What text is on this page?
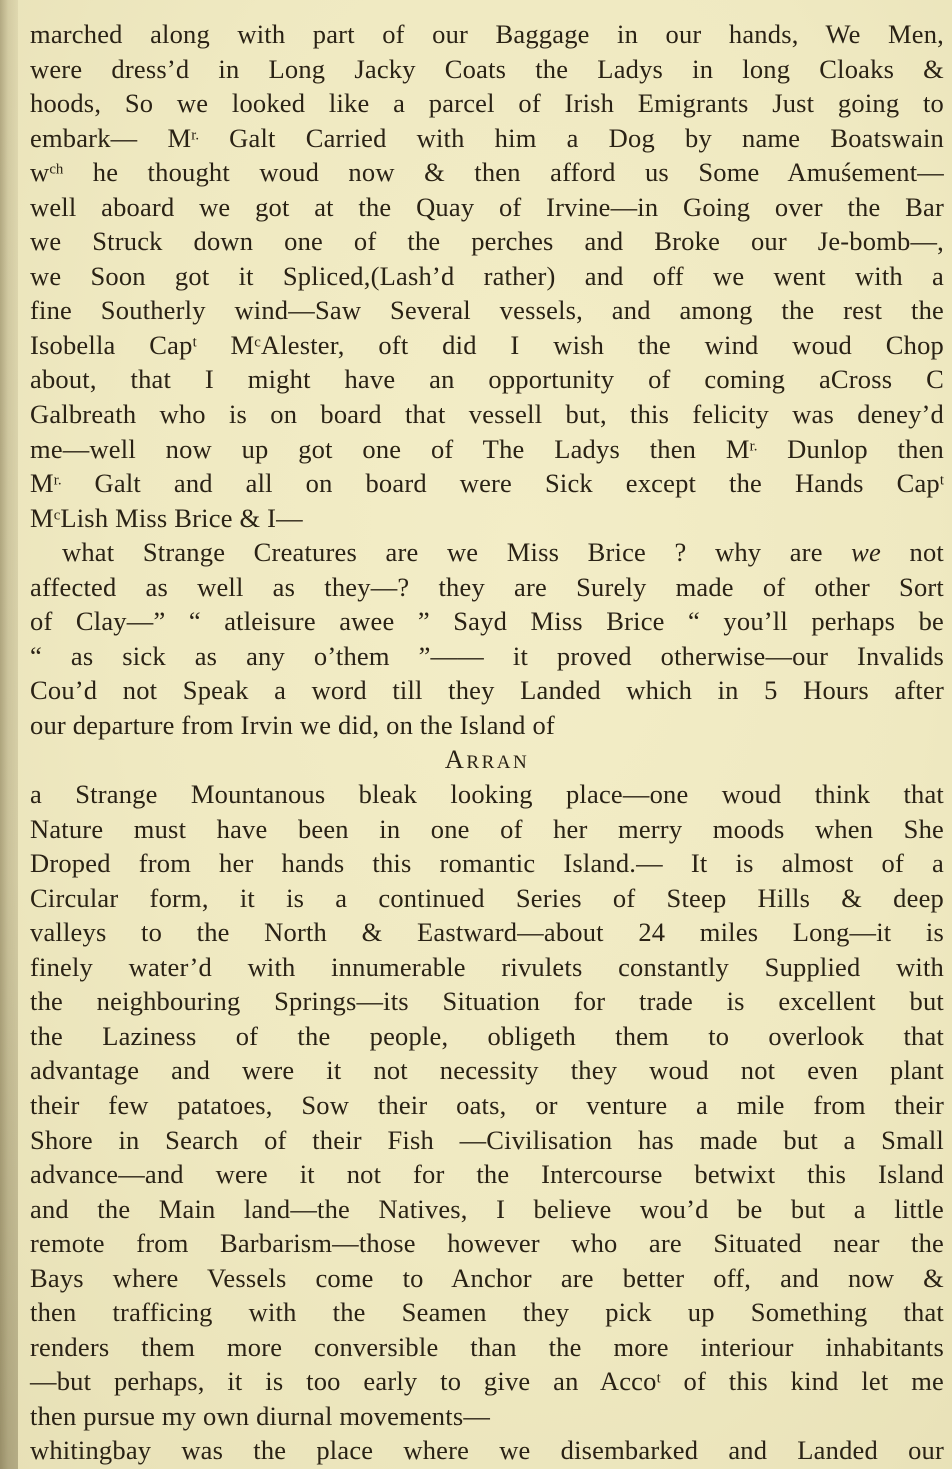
marched along with part of our Baggage in our hands, We Men,
were dress’d in Long Jacky Coats the Ladys in long Cloaks &
hoods, So we looked like a parcel of Irish Emigrants Just going to
embark— $M^{r.}$ Galt Carried with him a Dog by name Boatswain
$w^{ch}$ he thought woud now & then afford us Some Amuśement—
well aboard we got at the Quay of Irvine—in Going over the Bar
we Struck down one of the perches and Broke our Je-bomb—,
we Soon got it Spliced,(Lash’d rather) and off we went with a
fine Southerly wind—Saw Several vessels, and among the rest the
Isobella Cap$^t$ $M^cAlester$, oft did I wish the wind woud Chop
about, that I might have an opportunity of coming aCross C
Galbreath who is on board that vessell but, this felicity was deney’d
me—well now up got one of The Ladys then $M^{r.}$ Dunlop then
$M^{r.}$ Galt and all on board were Sick except the Hands Cap$^t$
$M^cLish$ Miss Brice & I—
what Strange Creatures are we Miss Brice ? why are we not
affected as well as they—? they are Surely made of other Sort
of Clay—” “ atleisure awee ” Sayd Miss Brice “ you’ll perhaps be
“ as sick as any o’them ”—— it proved otherwise—our Invalids
Cou’d not Speak a word till they Landed which in 5 Hours after
our departure from Irvin we did, on the Island of
Arran
a Strange Mountanous bleak looking place—one woud think that
Nature must have been in one of her merry moods when She
Droped from her hands this romantic Island.— It is almost of a
Circular form, it is a continued Series of Steep Hills & deep
valleys to the North & Eastward—about 24 miles Long—it is
finely water’d with innumerable rivulets constantly Supplied with
the neighbouring Springs—its Situation for trade is excellent but
the Laziness of the people, obligeth them to overlook that
advantage and were it not necessity they woud not even plant
their few patatoes, Sow their oats, or venture a mile from their
Shore in Search of their Fish —Civilisation has made but a Small
advance—and were it not for the Intercourse betwixt this Island
and the Main land—the Natives, I believe wou’d be but a little
remote from Barbarism—those however who are Situated near the
Bays where Vessels come to Anchor are better off, and now &
then trafficing with the Seamen they pick up Something that
renders them more conversible than the more interiour inhabitants
—but perhaps, it is too early to give an Acco$^t$ of this kind let me
then pursue my own diurnal movements—
whitingbay was the place where we disembarked and Landed our
